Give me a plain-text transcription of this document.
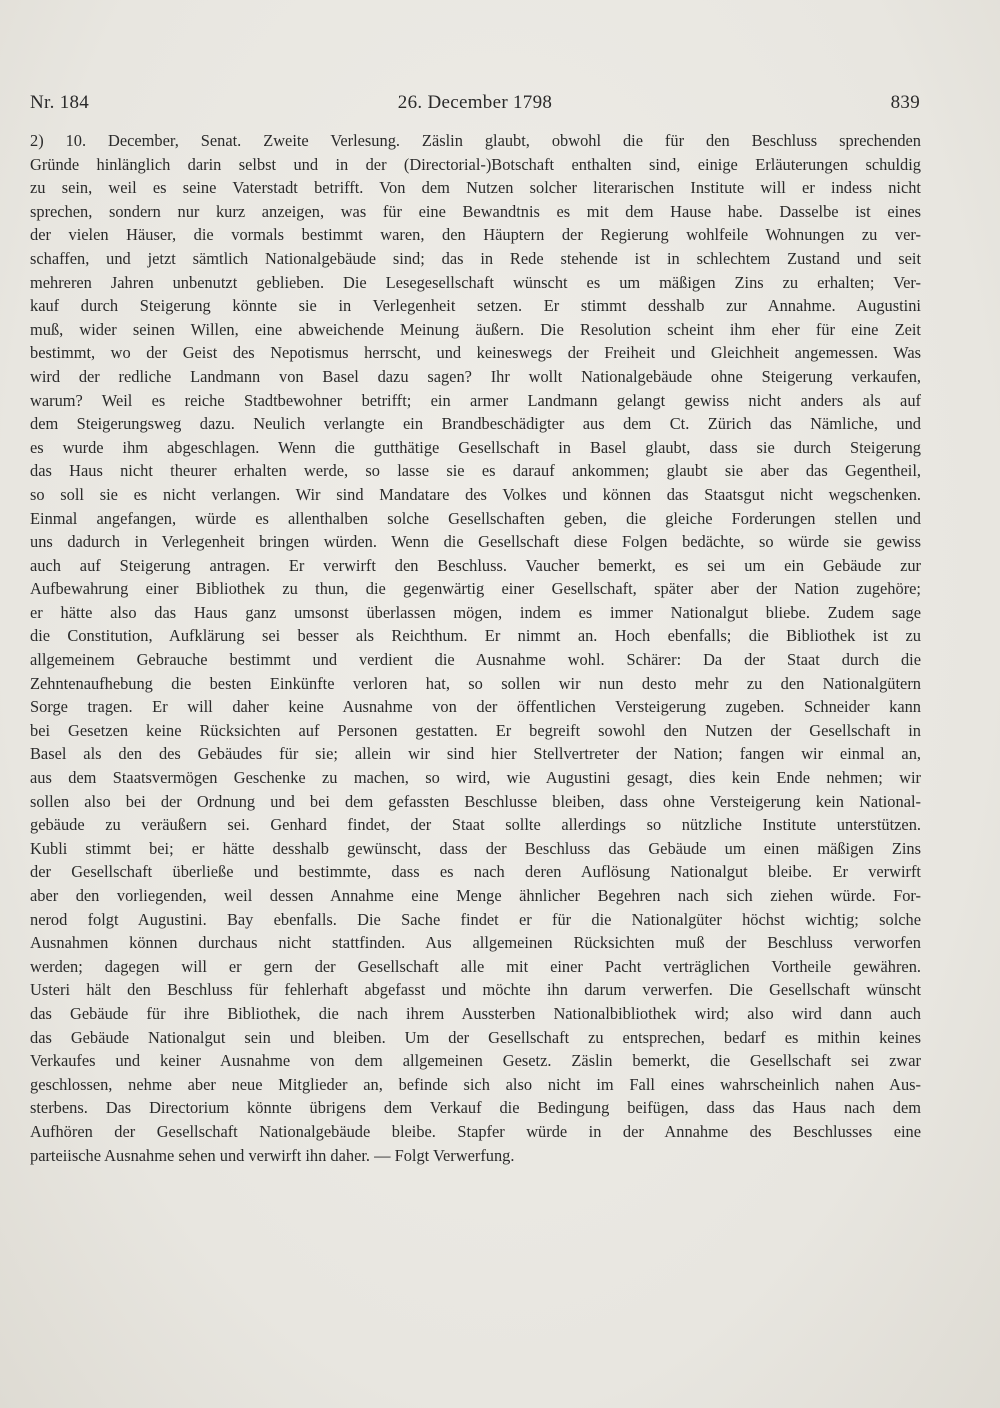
Nr. 184	26. December 1798	839
2) 10. December, Senat. Zweite Verlesung. Zäslin glaubt, obwohl die für den Beschluss sprechenden
Gründe hinlänglich darin selbst und in der (Directorial-)Botschaft enthalten sind, einige Erläuterungen schuldig
zu sein, weil es seine Vaterstadt betrifft. Von dem Nutzen solcher literarischen Institute will er indess nicht
sprechen, sondern nur kurz anzeigen, was für eine Bewandtnis es mit dem Hause habe. Dasselbe ist eines
der vielen Häuser, die vormals bestimmt waren, den Häuptern der Regierung wohlfeile Wohnungen zu ver-
schaffen, und jetzt sämtlich Nationalgebäude sind; das in Rede stehende ist in schlechtem Zustand und seit
mehreren Jahren unbenutzt geblieben. Die Lesegesellschaft wünscht es um mäßigen Zins zu erhalten; Ver-
kauf durch Steigerung könnte sie in Verlegenheit setzen. Er stimmt desshalb zur Annahme. Augustini
muß, wider seinen Willen, eine abweichende Meinung äußern. Die Resolution scheint ihm eher für eine Zeit
bestimmt, wo der Geist des Nepotismus herrscht, und keineswegs der Freiheit und Gleichheit angemessen. Was
wird der redliche Landmann von Basel dazu sagen? Ihr wollt Nationalgebäude ohne Steigerung verkaufen,
warum? Weil es reiche Stadtbewohner betrifft; ein armer Landmann gelangt gewiss nicht anders als auf
dem Steigerungsweg dazu. Neulich verlangte ein Brandbeschädigter aus dem Ct. Zürich das Nämliche, und
es wurde ihm abgeschlagen. Wenn die gutthätige Gesellschaft in Basel glaubt, dass sie durch Steigerung
das Haus nicht theurer erhalten werde, so lasse sie es darauf ankommen; glaubt sie aber das Gegentheil,
so soll sie es nicht verlangen. Wir sind Mandatare des Volkes und können das Staatsgut nicht wegschenken.
Einmal angefangen, würde es allenthalben solche Gesellschaften geben, die gleiche Forderungen stellen und
uns dadurch in Verlegenheit bringen würden. Wenn die Gesellschaft diese Folgen bedächte, so würde sie gewiss
auch auf Steigerung antragen. Er verwirft den Beschluss. Vaucher bemerkt, es sei um ein Gebäude zur
Aufbewahrung einer Bibliothek zu thun, die gegenwärtig einer Gesellschaft, später aber der Nation zugehöre;
er hätte also das Haus ganz umsonst überlassen mögen, indem es immer Nationalgut bliebe. Zudem sage
die Constitution, Aufklärung sei besser als Reichthum. Er nimmt an. Hoch ebenfalls; die Bibliothek ist zu
allgemeinem Gebrauche bestimmt und verdient die Ausnahme wohl. Schärer: Da der Staat durch die
Zehntenaufhebung die besten Einkünfte verloren hat, so sollen wir nun desto mehr zu den Nationalgütern
Sorge tragen. Er will daher keine Ausnahme von der öffentlichen Versteigerung zugeben. Schneider kann
bei Gesetzen keine Rücksichten auf Personen gestatten. Er begreift sowohl den Nutzen der Gesellschaft in
Basel als den des Gebäudes für sie; allein wir sind hier Stellvertreter der Nation; fangen wir einmal an,
aus dem Staatsvermögen Geschenke zu machen, so wird, wie Augustini gesagt, dies kein Ende nehmen; wir
sollen also bei der Ordnung und bei dem gefassten Beschlusse bleiben, dass ohne Versteigerung kein National-
gebäude zu veräußern sei. Genhard findet, der Staat sollte allerdings so nützliche Institute unterstützen.
Kubli stimmt bei; er hätte desshalb gewünscht, dass der Beschluss das Gebäude um einen mäßigen Zins
der Gesellschaft überließe und bestimmte, dass es nach deren Auflösung Nationalgut bleibe. Er verwirft
aber den vorliegenden, weil dessen Annahme eine Menge ähnlicher Begehren nach sich ziehen würde. For-
nerod folgt Augustini. Bay ebenfalls. Die Sache findet er für die Nationalgüter höchst wichtig; solche
Ausnahmen können durchaus nicht stattfinden. Aus allgemeinen Rücksichten muß der Beschluss verworfen
werden; dagegen will er gern der Gesellschaft alle mit einer Pacht verträglichen Vortheile gewähren.
Usteri hält den Beschluss für fehlerhaft abgefasst und möchte ihn darum verwerfen. Die Gesellschaft wünscht
das Gebäude für ihre Bibliothek, die nach ihrem Aussterben Nationalbibliothek wird; also wird dann auch
das Gebäude Nationalgut sein und bleiben. Um der Gesellschaft zu entsprechen, bedarf es mithin keines
Verkaufes und keiner Ausnahme von dem allgemeinen Gesetz. Zäslin bemerkt, die Gesellschaft sei zwar
geschlossen, nehme aber neue Mitglieder an, befinde sich also nicht im Fall eines wahrscheinlich nahen Aus-
sterbens. Das Directorium könnte übrigens dem Verkauf die Bedingung beifügen, dass das Haus nach dem
Aufhören der Gesellschaft Nationalgebäude bleibe. Stapfer würde in der Annahme des Beschlusses eine
parteiische Ausnahme sehen und verwirft ihn daher. — Folgt Verwerfung.
